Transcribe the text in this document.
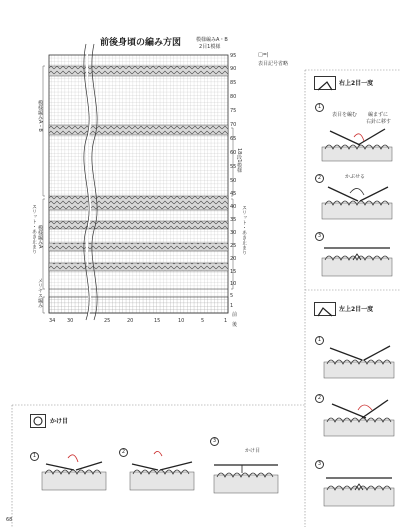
前後身頃の編み方図	模様編みA・B
2目1模様
模様編みA・B
スリット・あき止まり 模様編みA
メリヤス編み
18段1模様
スリット・あき止まり
95
90
85
80
75
70
65
60
55
50
45
40
35
30
25
20
15
10
5
1
34 30	25	20	15	10	5	1
前
後
□=|
表目記号省略
右上2目一度
1
表目を編む 編まずに
右針に移す
2	かぶせる
3
左上2目一度
1
2
3
かけ目
1
2
3
かけ目
68
